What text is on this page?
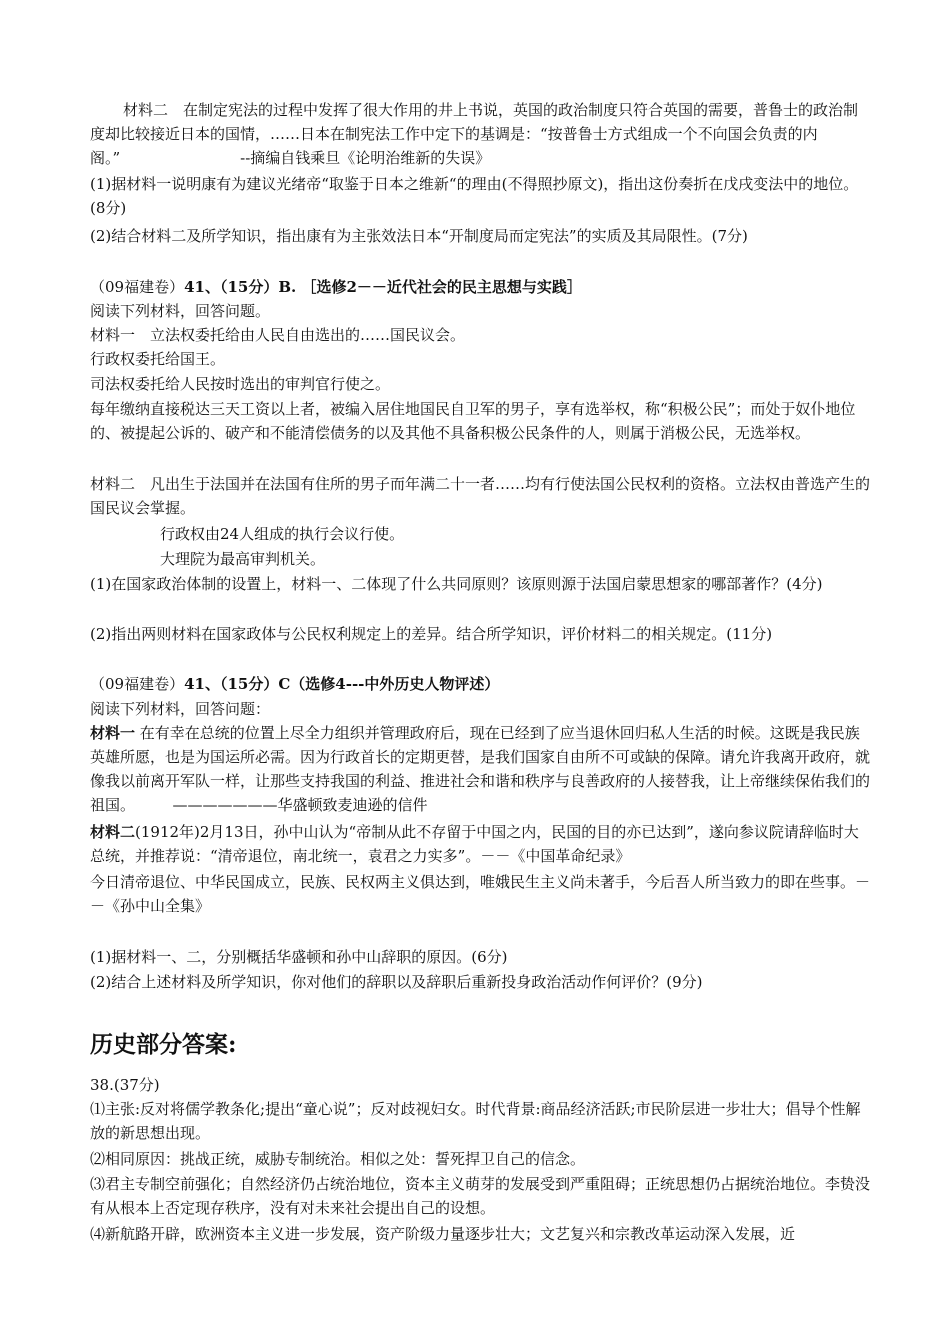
材料二　在制定宪法的过程中发挥了很大作用的井上书说，英国的政治制度只符合英国的需要，普鲁士的政治制度却比较接近日本的国情，……日本在制宪法工作中定下的基调是：“按普鲁士方式组成一个不向国会负责的内阁。”　　　　　　　　--摘编自钱乘旦《论明治维新的失误》

(1)据材料一说明康有为建议光绪帝“取鉴于日本之维新“的理由(不得照抄原文)，指出这份奏折在戊戌变法中的地位。(8分)

(2)结合材料二及所学知识，指出康有为主张效法日本“开制度局而定宪法”的实质及其局限性。(7分)

（09福建卷）41、（15分）B. ［选修2－－近代社会的民主思想与实践］

阅读下列材料，回答问题。

材料一　立法权委托给由人民自由选出的……国民议会。

行政权委托给国王。

司法权委托给人民按时选出的审判官行使之。

每年缴纳直接税达三天工资以上者，被编入居住地国民自卫军的男子，享有选举权，称“积极公民”；而处于奴仆地位的、被提起公诉的、破产和不能清偿债务的以及其他不具备积极公民条件的人，则属于消极公民，无选举权。

材料二　凡出生于法国并在法国有住所的男子而年满二十一者……均有行使法国公民权利的资格。立法权由普选产生的国民议会掌握。

行政权由24人组成的执行会议行使。

大理院为最高审判机关。

(1)在国家政治体制的设置上，材料一、二体现了什么共同原则？该原则源于法国启蒙思想家的哪部著作？(4分)

(2)指出两则材料在国家政体与公民权利规定上的差异。结合所学知识，评价材料二的相关规定。(11分)

（09福建卷）41、（15分）C（选修4---中外历史人物评述）

阅读下列材料，回答问题：

材料一 在有幸在总统的位置上尽全力组织并管理政府后，现在已经到了应当退休回归私人生活的时候。这既是我民族英雄所愿，也是为国运所必需。因为行政首长的定期更替，是我们国家自由所不可或缺的保障。请允许我离开政府，就像我以前离开军队一样，让那些支持我国的利益、推进社会和谐和秩序与良善政府的人接替我，让上帝继续保佑我们的祖国。　　　———————华盛顿致麦迪逊的信件

材料二(1912年)2月13日，孙中山认为“帝制从此不存留于中国之内，民国的目的亦已达到”，遂向参议院请辞临时大总统，并推荐说：“清帝退位，南北统一，袁君之力实多”。－－《中国革命纪录》

今日清帝退位、中华民国成立，民族、民权两主义俱达到，唯娥民生主义尚未著手，今后吾人所当致力的即在些事。－－《孙中山全集》

(1)据材料一、二，分别概括华盛顿和孙中山辞职的原因。(6分)

(2)结合上述材料及所学知识，你对他们的辞职以及辞职后重新投身政治活动作何评价？(9分)

历史部分答案:

38.(37分)

⑴主张:反对将儒学教条化;提出“童心说”；反对歧视妇女。时代背景:商品经济活跃;市民阶层进一步壮大；倡导个性解放的新思想出现。

⑵相同原因：挑战正统，威胁专制统治。相似之处：誓死捍卫自己的信念。

⑶君主专制空前强化；自然经济仍占统治地位，资本主义萌芽的发展受到严重阻碍；正统思想仍占据统治地位。李贽没有从根本上否定现存秩序，没有对未来社会提出自己的设想。

⑷新航路开辟，欧洲资本主义进一步发展，资产阶级力量逐步壮大；文艺复兴和宗教改革运动深入发展，近
